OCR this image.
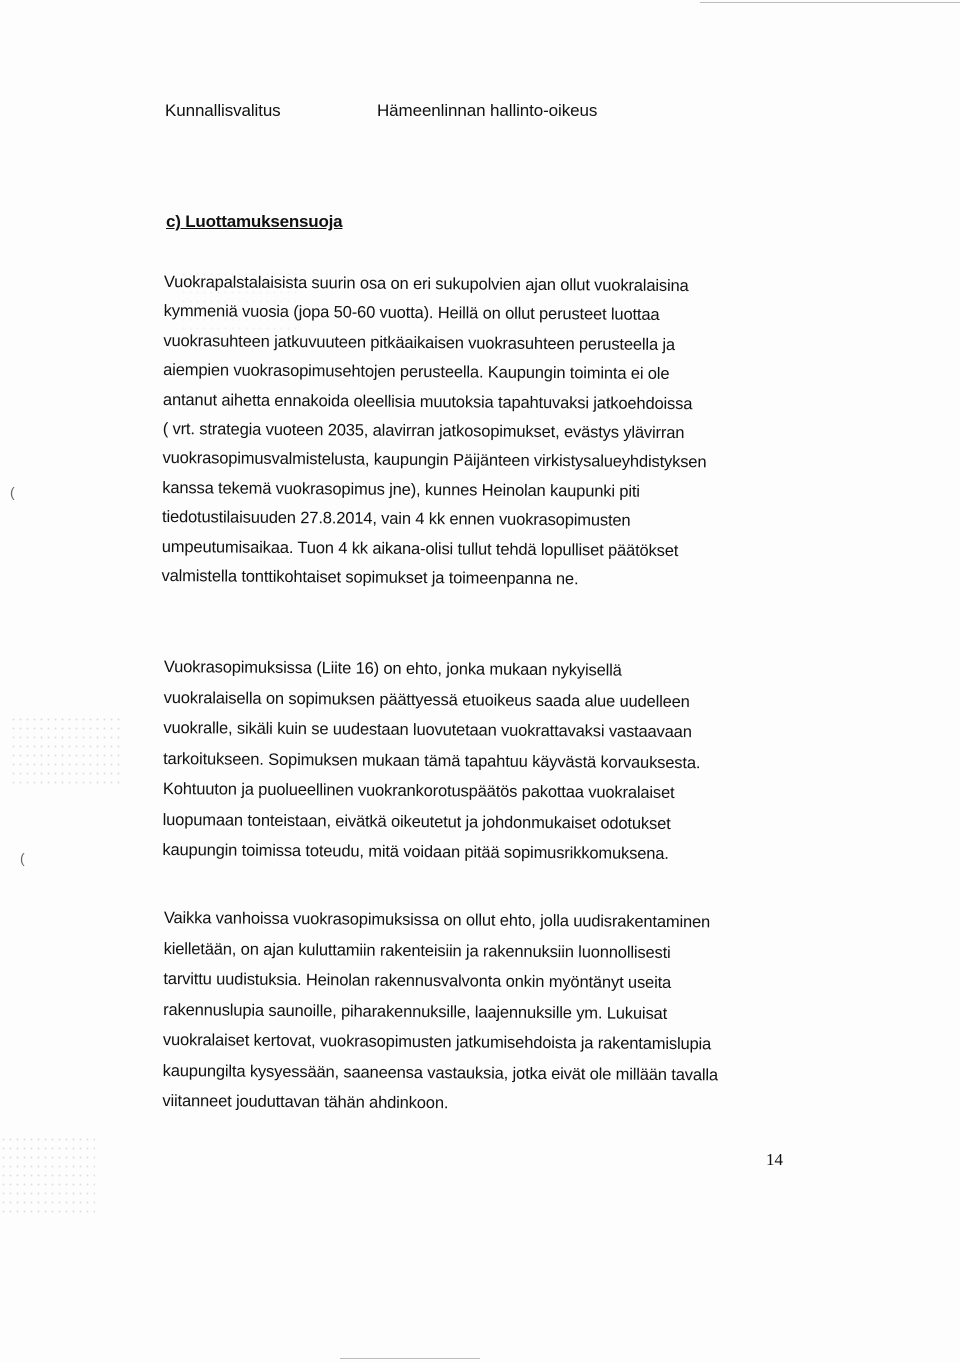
(
(
Kunnallisvalitus	Hämeenlinnan hallinto-oikeus
c) Luottamuksensuoja
Vuokrapalstalaisista suurin osa on eri sukupolvien ajan ollut vuokralaisina
kymmeniä vuosia (jopa 50-60 vuotta). Heillä on ollut perusteet luottaa
vuokrasuhteen jatkuvuuteen pitkäaikaisen vuokrasuhteen perusteella ja
aiempien vuokrasopimusehtojen perusteella. Kaupungin toiminta ei ole
antanut aihetta ennakoida oleellisia muutoksia tapahtuvaksi jatkoehdoissa
( vrt. strategia vuoteen 2035, alavirran jatkosopimukset, evästys ylävirran
vuokrasopimusvalmistelusta, kaupungin Päijänteen virkistysalueyhdistyksen
kanssa tekemä vuokrasopimus jne), kunnes Heinolan kaupunki piti
tiedotustilaisuuden 27.8.2014, vain 4 kk ennen vuokrasopimusten
umpeutumisaikaa. Tuon 4 kk aikana-olisi tullut tehdä lopulliset päätökset
valmistella tonttikohtaiset sopimukset ja toimeenpanna ne.
Vuokrasopimuksissa (Liite 16) on ehto, jonka mukaan nykyisellä
vuokralaisella on sopimuksen päättyessä etuoikeus saada alue uudelleen
vuokralle, sikäli kuin se uudestaan luovutetaan vuokrattavaksi vastaavaan
tarkoitukseen. Sopimuksen mukaan tämä tapahtuu käyvästä korvauksesta.
Kohtuuton ja puolueellinen vuokrankorotuspäätös pakottaa vuokralaiset
luopumaan tonteistaan, eivätkä oikeutetut ja johdonmukaiset odotukset
kaupungin toimissa toteudu, mitä voidaan pitää sopimusrikkomuksena.
Vaikka vanhoissa vuokrasopimuksissa on ollut ehto, jolla uudisrakentaminen
kielletään, on ajan kuluttamiin rakenteisiin ja rakennuksiin luonnollisesti
tarvittu uudistuksia. Heinolan rakennusvalvonta onkin myöntänyt useita
rakennuslupia saunoille, piharakennuksille, laajennuksille ym. Lukuisat
vuokralaiset kertovat, vuokrasopimusten jatkumisehdoista ja rakentamislupia
kaupungilta kysyessään, saaneensa vastauksia, jotka eivät ole millään tavalla
viitanneet jouduttavan tähän ahdinkoon.
14
